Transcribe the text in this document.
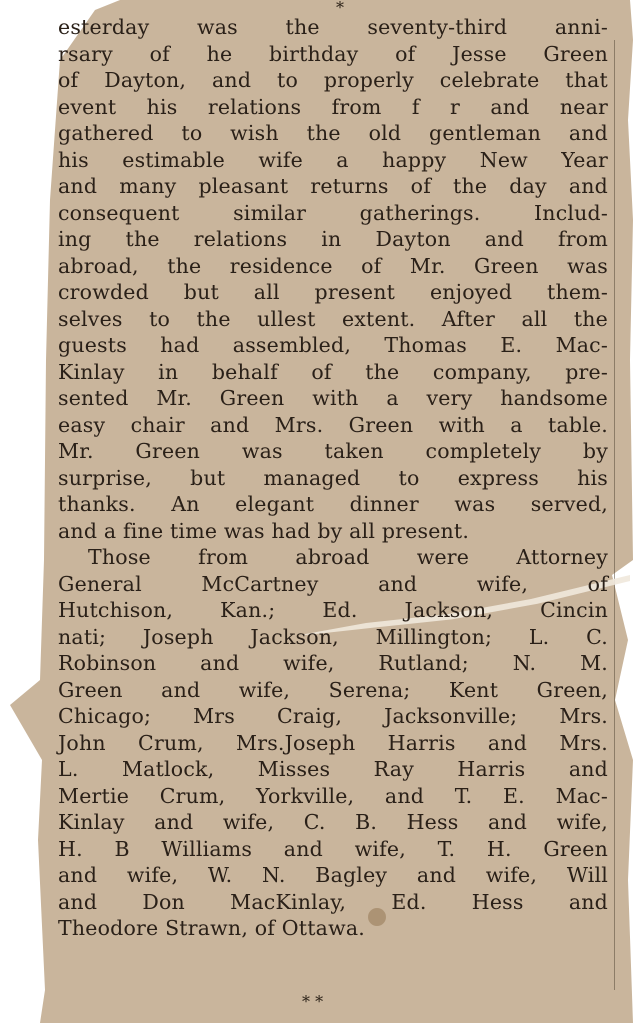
*
esterday was the seventy-third anni-
rsary of he birthday of Jesse Green
of Dayton, and to properly celebrate that
event his relations from f r and near
gathered to wish the old gentleman and
his estimable wife a happy New Year
and many pleasant returns of the day and
consequent similar gatherings. Includ-
ing the relations in Dayton and from
abroad, the residence of Mr. Green was
crowded but all present enjoyed them-
selves to the ullest extent. After all the
guests had assembled, Thomas E. Mac-
Kinlay in behalf of the company, pre-
sented Mr. Green with a very handsome
easy chair and Mrs. Green with a table.
Mr. Green was taken completely by
surprise, but managed to express his
thanks. An elegant dinner was served,
and a fine time was had by all present.
Those from abroad were Attorney
General McCartney and wife, of
Hutchison, Kan.; Ed. Jackson, Cincin
nati; Joseph Jackson, Millington; L. C.
Robinson and wife, Rutland; N. M.
Green and wife, Serena; Kent Green,
Chicago; Mrs Craig, Jacksonville; Mrs.
John Crum, Mrs.Joseph Harris and Mrs.
L. Matlock, Misses Ray Harris and
Mertie Crum, Yorkville, and T. E. Mac-
Kinlay and wife, C. B. Hess and wife,
H. B Williams and wife, T. H. Green
and wife, W. N. Bagley and wife, Will
and Don MacKinlay, Ed. Hess and
Theodore Strawn, of Ottawa.
* *
